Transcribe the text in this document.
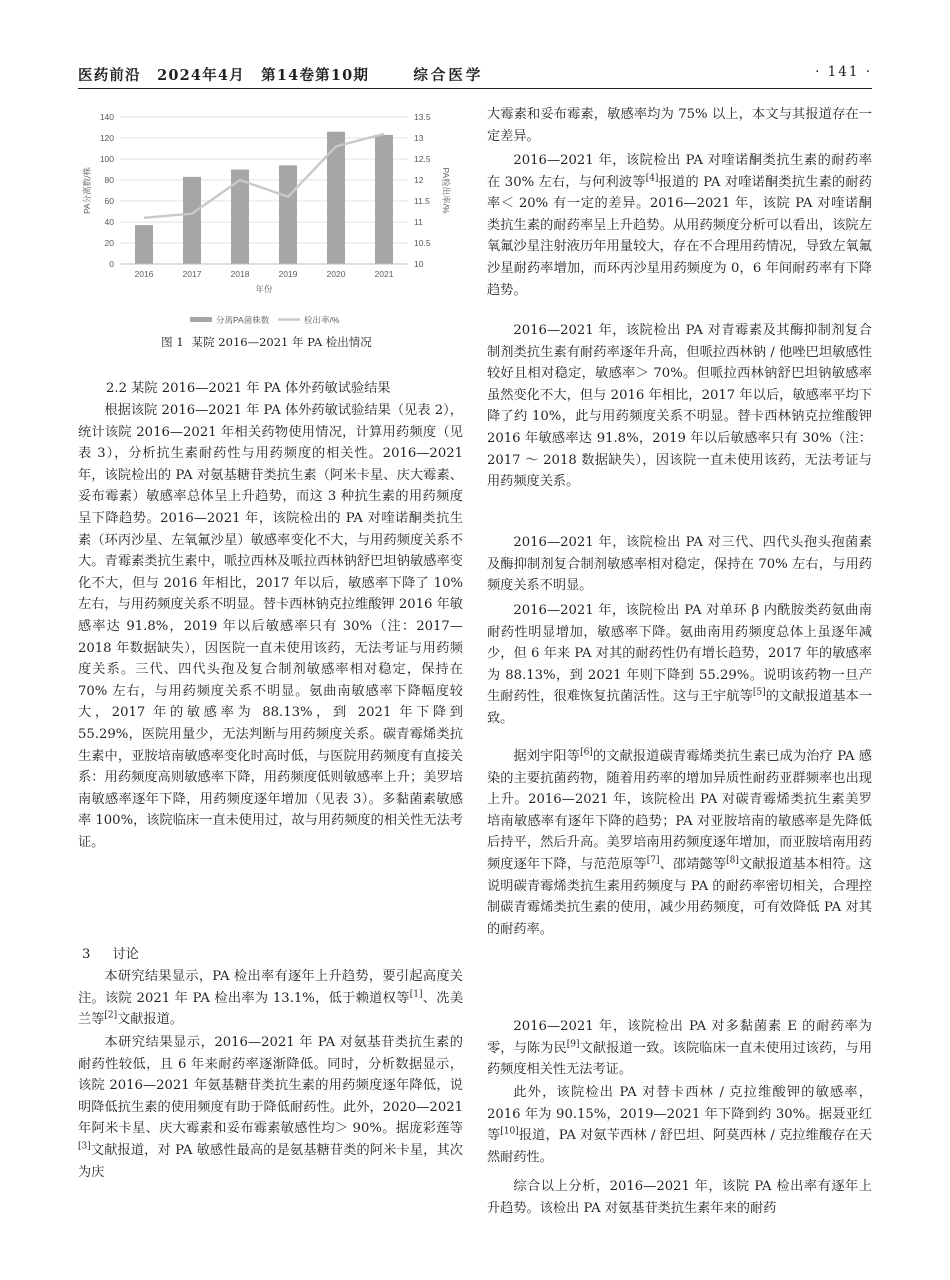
医药前沿 2024年4月 第14卷第10期	综合医学	· 141 ·
0
20
40
60
80
100
120
140
10
10.5
11
11.5
12
12.5
13
13.5
2016	2017	2018	2019	2020	2021
年份
PA分离数/株	PA检出率/%
分离PA菌株数	检出率/%
图 1 某院 2016—2021 年 PA 检出情况

2.2 某院 2016—2021 年 PA 体外药敏试验结果

根据该院 2016—2021 年 PA 体外药敏试验结果（见表 2），统计该院 2016—2021 年相关药物使用情况，计算用药频度（见表 3），分析抗生素耐药性与用药频度的相关性。2016—2021 年，该院检出的 PA 对氨基糖苷类抗生素（阿米卡星、庆大霉素、妥布霉素）敏感率总体呈上升趋势，而这 3 种抗生素的用药频度呈下降趋势。2016—2021 年，该院检出的 PA 对喹诺酮类抗生素（环丙沙星、左氧氟沙星）敏感率变化不大，与用药频度关系不大。青霉素类抗生素中，哌拉西林及哌拉西林钠舒巴坦钠敏感率变化不大，但与 2016 年相比，2017 年以后，敏感率下降了 10% 左右，与用药频度关系不明显。替卡西林钠克拉维酸钾 2016 年敏感率达 91.8%，2019 年以后敏感率只有 30%（注：2017—2018 年数据缺失），因医院一直未使用该药，无法考证与用药频度关系。三代、四代头孢及复合制剂敏感率相对稳定，保持在 70% 左右，与用药频度关系不明显。氨曲南敏感率下降幅度较大，2017 年的敏感率为 88.13%，到 2021 年下降到 55.29%，医院用量少，无法判断与用药频度关系。碳青霉烯类抗生素中，亚胺培南敏感率变化时高时低，与医院用药频度有直接关系：用药频度高则敏感率下降，用药频度低则敏感率上升；美罗培南敏感率逐年下降，用药频度逐年增加（见表 3）。多黏菌素敏感率 100%，该院临床一直未使用过，故与用药频度的相关性无法考证。

3 讨论

本研究结果显示，PA 检出率有逐年上升趋势，要引起高度关注。该院 2021 年 PA 检出率为 13.1%，低于赖道权等[1]、冼美兰等[2]文献报道。

本研究结果显示，2016—2021 年 PA 对氨基苷类抗生素的耐药性较低，且 6 年来耐药率逐渐降低。同时，分析数据显示，该院 2016—2021 年氨基糖苷类抗生素的用药频度逐年降低，说明降低抗生素的使用频度有助于降低耐药性。此外，2020—2021 年阿米卡星、庆大霉素和妥布霉素敏感性均＞ 90%。据庞彩莲等[3]文献报道，对 PA 敏感性最高的是氨基糖苷类的阿米卡星，其次为庆

大霉素和妥布霉素，敏感率均为 75% 以上，本文与其报道存在一定差异。

2016—2021 年，该院检出 PA 对喹诺酮类抗生素的耐药率在 30% 左右，与何利波等[4]报道的 PA 对喹诺酮类抗生素的耐药率＜ 20% 有一定的差异。2016—2021 年，该院 PA 对喹诺酮类抗生素的耐药率呈上升趋势。从用药频度分析可以看出，该院左氧氟沙星注射液历年用量较大，存在不合理用药情况，导致左氧氟沙星耐药率增加，而环丙沙星用药频度为 0，6 年间耐药率有下降趋势。

2016—2021 年，该院检出 PA 对青霉素及其酶抑制剂复合制剂类抗生素有耐药率逐年升高，但哌拉西林钠 / 他唑巴坦敏感性较好且相对稳定，敏感率＞ 70%。但哌拉西林钠舒巴坦钠敏感率虽然变化不大，但与 2016 年相比，2017 年以后，敏感率平均下降了约 10%，此与用药频度关系不明显。替卡西林钠克拉维酸钾 2016 年敏感率达 91.8%，2019 年以后敏感率只有 30%（注：2017 ～ 2018 数据缺失），因该院一直未使用该药，无法考证与用药频度关系。

2016—2021 年，该院检出 PA 对三代、四代头孢头孢菌素及酶抑制剂复合制剂敏感率相对稳定，保持在 70% 左右，与用药频度关系不明显。

2016—2021 年，该院检出 PA 对单环 β 内酰胺类药氨曲南耐药性明显增加，敏感率下降。氨曲南用药频度总体上虽逐年减少，但 6 年来 PA 对其的耐药性仍有增长趋势，2017 年的敏感率为 88.13%，到 2021 年则下降到 55.29%。说明该药物一旦产生耐药性，很难恢复抗菌活性。这与王宇航等[5]的文献报道基本一致。

据刘宇阳等[6]的文献报道碳青霉烯类抗生素已成为治疗 PA 感染的主要抗菌药物，随着用药率的增加异质性耐药亚群频率也出现上升。2016—2021 年，该院检出 PA 对碳青霉烯类抗生素美罗培南敏感率有逐年下降的趋势；PA 对亚胺培南的敏感率是先降低后持平，然后升高。美罗培南用药频度逐年增加，而亚胺培南用药频度逐年下降，与范范原等[7]、邵靖懿等[8]文献报道基本相符。这说明碳青霉烯类抗生素用药频度与 PA 的耐药率密切相关，合理控制碳青霉烯类抗生素的使用，减少用药频度，可有效降低 PA 对其的耐药率。

2016—2021 年，该院检出 PA 对多黏菌素 E 的耐药率为零，与陈为民[9]文献报道一致。该院临床一直未使用过该药，与用药频度相关性无法考证。

此外，该院检出 PA 对替卡西林 / 克拉维酸钾的敏感率，2016 年为 90.15%，2019—2021 年下降到约 30%。据聂亚红等[10]报道，PA 对氨苄西林 / 舒巴坦、阿莫西林 / 克拉维酸存在天然耐药性。

综合以上分析，2016—2021 年，该院 PA 检出率有逐年上升趋势。该检出 PA 对氨基苷类抗生素年来的耐药
